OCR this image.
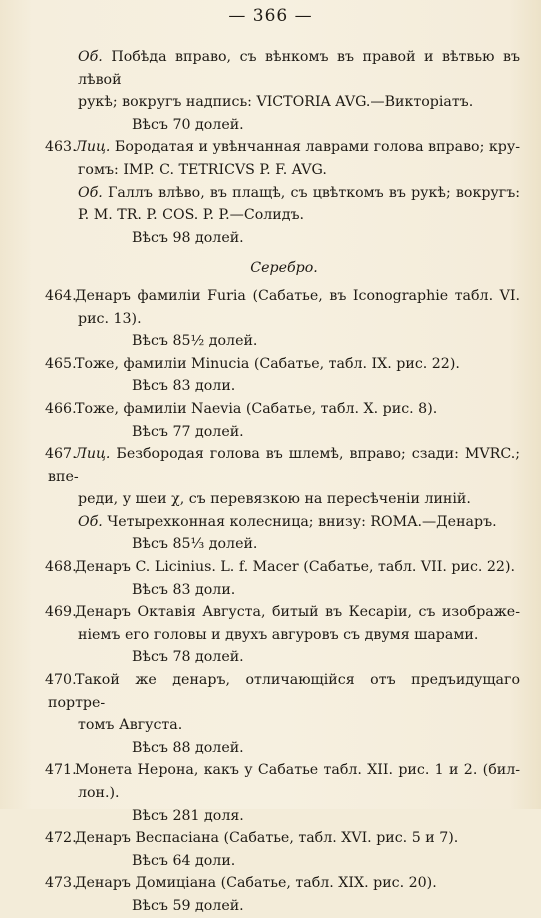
— 366 —
Об. Побѣда вправо, съ вѣнкомъ въ правой и вѣтвью въ лѣвой
рукѣ; вокругъ надпись: VICTORIA AVG.—Викторіатъ.
Вѣсъ 70 долей.
463.Лиц. Бородатая и увѣнчанная лаврами голова вправо; кру-
гомъ: IMP. C. TETRICVS P. F. AVG.
Об. Галлъ влѣво, въ плащѣ, съ цвѣткомъ въ рукѣ; вокругъ:
P. M. TR. P. COS. P. P.—Солидъ.
Вѣсъ 98 долей.
Серебро.
464.Денаръ фамиліи Furia (Сабатье, въ Iconographie табл. VI.
рис. 13).
Вѣсъ 85½ долей.
465.Тоже, фамиліи Minucia (Сабатье, табл. IX. рис. 22).
Вѣсъ 83 доли.
466.Тоже, фамиліи Naevia (Сабатье, табл. X. рис. 8).
Вѣсъ 77 долей.
467.Лиц. Безбородая голова въ шлемѣ, вправо; сзади: MVRC.; впе-
реди, у шеи χ, съ перевязкою на пересѣченіи линій.
Об. Четырехконная колесница; внизу: ROMA.—Денаръ.
Вѣсъ 85⅓ долей.
468.Денаръ C. Licinius. L. f. Macer (Сабатье, табл. VII. рис. 22).
Вѣсъ 83 доли.
469.Денаръ Октавія Августа, битый въ Кесаріи, съ изображе-
ніемъ его головы и двухъ авгуровъ съ двумя шарами.
Вѣсъ 78 долей.
470.Такой же денаръ, отличающійся отъ предъидущаго портре-
томъ Августа.
Вѣсъ 88 долей.
471.Монета Нерона, какъ у Сабатье табл. XII. рис. 1 и 2. (бил-
лон.).
Вѣсъ 281 доля.
472.Денаръ Веспасіана (Сабатье, табл. XVI. рис. 5 и 7).
Вѣсъ 64 доли.
473.Денаръ Домиціана (Сабатье, табл. XIX. рис. 20).
Вѣсъ 59 долей.
